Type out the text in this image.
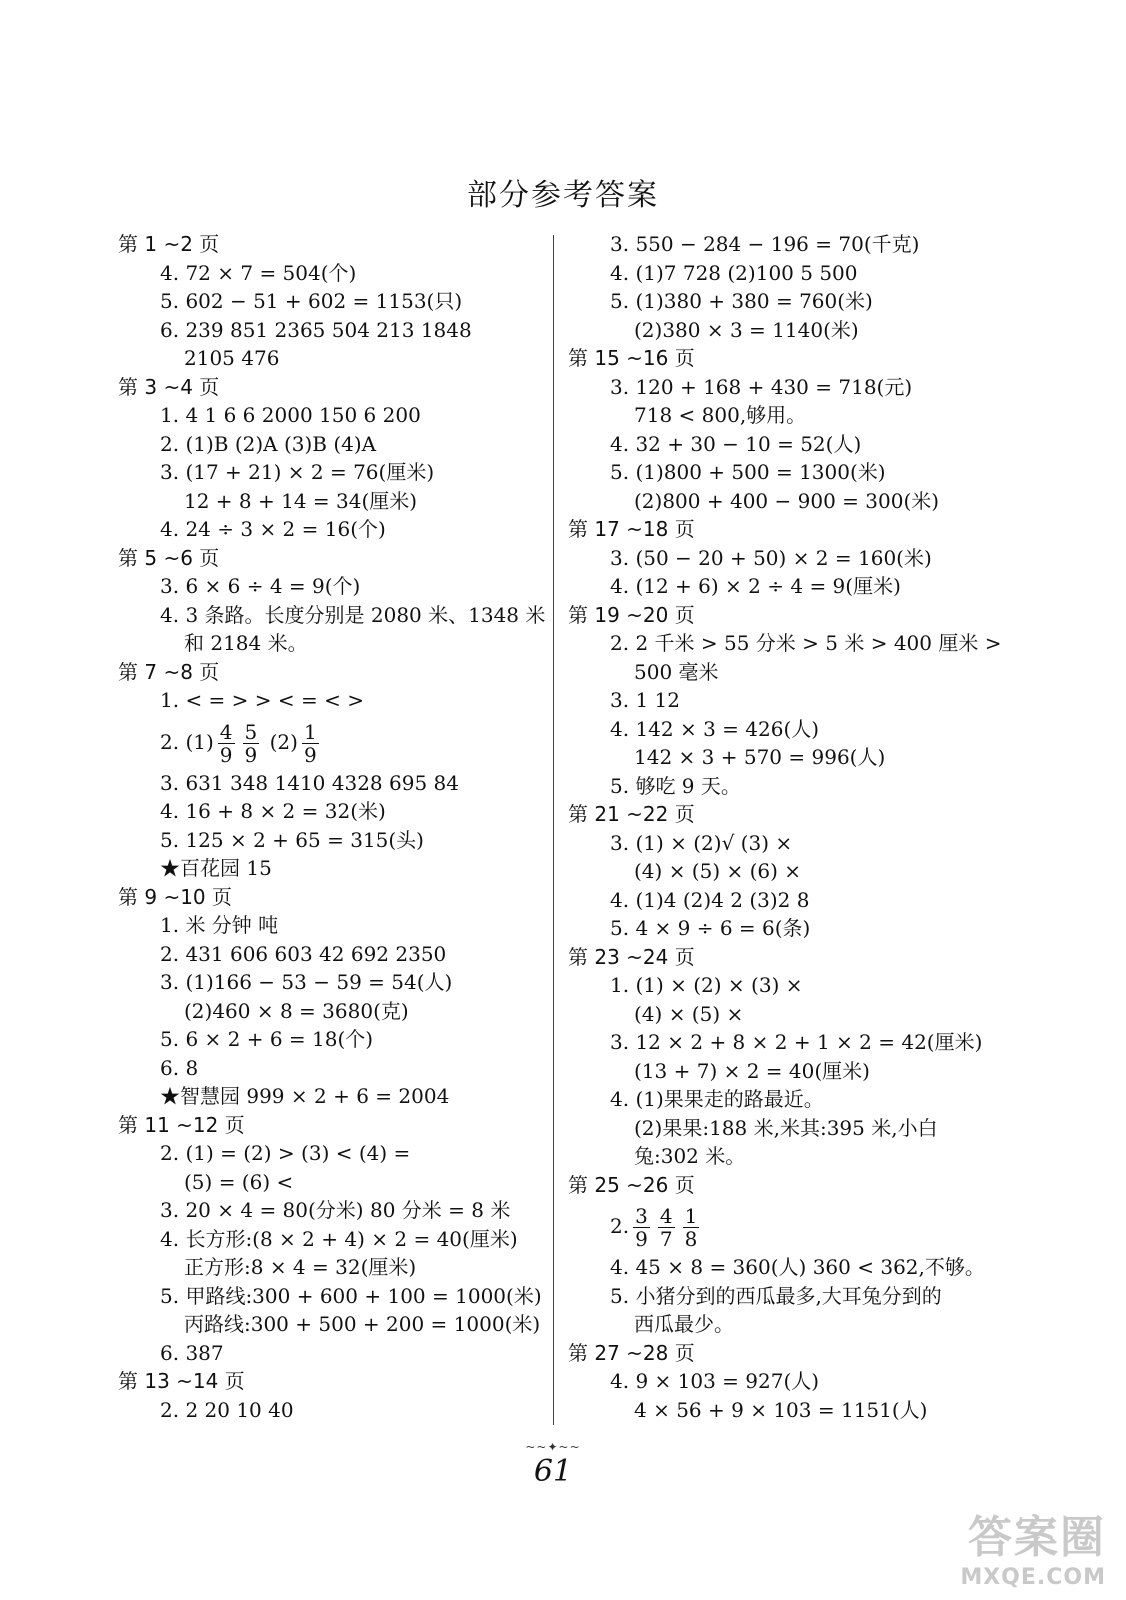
部分参考答案
第 1 ~2 页
4. 72 × 7 = 504(个)
5. 602 − 51 + 602 = 1153(只)
6. 239 851 2365 504 213 1848
2105 476
第 3 ~4 页
1. 4 1 6 6 2000 150 6 200
2. (1)B (2)A (3)B (4)A
3. (17 + 21) × 2 = 76(厘米)
12 + 8 + 14 = 34(厘米)
4. 24 ÷ 3 × 2 = 16(个)
第 5 ~6 页
3. 6 × 6 ÷ 4 = 9(个)
4. 3 条路。长度分别是 2080 米、1348 米
和 2184 米。
第 7 ~8 页
1. < = > > < = < >
2. $(1) \frac{4}{9} \frac{5}{9} (2) \frac{1}{9}$
3. 631 348 1410 4328 695 84
4. 16 + 8 × 2 = 32(米)
5. 125 × 2 + 65 = 315(头)
★百花园 15
第 9 ~10 页
1. 米 分钟 吨
2. 431 606 603 42 692 2350
3. (1)166 − 53 − 59 = 54(人)
(2)460 × 8 = 3680(克)
5. 6 × 2 + 6 = 18(个)
6. 8
★智慧园 999 × 2 + 6 = 2004
第 11 ~12 页
2. (1) = (2) > (3) < (4) =
(5) = (6) <
3. 20 × 4 = 80(分米) 80 分米 = 8 米
4. 长方形:(8 × 2 + 4) × 2 = 40(厘米)
正方形:8 × 4 = 32(厘米)
5. 甲路线:300 + 600 + 100 = 1000(米)
丙路线:300 + 500 + 200 = 1000(米)
6. 387
第 13 ~14 页
2. 2 20 10 40
3. 550 − 284 − 196 = 70(千克)
4. (1)7 728 (2)100 5 500
5. (1)380 + 380 = 760(米)
(2)380 × 3 = 1140(米)
第 15 ~16 页
3. 120 + 168 + 430 = 718(元)
718 < 800,够用。
4. 32 + 30 − 10 = 52(人)
5. (1)800 + 500 = 1300(米)
(2)800 + 400 − 900 = 300(米)
第 17 ~18 页
3. (50 − 20 + 50) × 2 = 160(米)
4. (12 + 6) × 2 ÷ 4 = 9(厘米)
第 19 ~20 页
2. 2 千米 > 55 分米 > 5 米 > 400 厘米 >
500 毫米
3. 1 12
4. 142 × 3 = 426(人)
142 × 3 + 570 = 996(人)
5. 够吃 9 天。
第 21 ~22 页
3. (1) × (2)√ (3) ×
(4) × (5) × (6) ×
4. (1)4 (2)4 2 (3)2 8
5. 4 × 9 ÷ 6 = 6(条)
第 23 ~24 页
1. (1) × (2) × (3) ×
(4) × (5) ×
3. 12 × 2 + 8 × 2 + 1 × 2 = 42(厘米)
(13 + 7) × 2 = 40(厘米)
4. (1)果果走的路最近。
(2)果果:188 米,米其:395 米,小白
兔:302 米。
第 25 ~26 页
2. $\frac{3}{9} \frac{4}{7} \frac{1}{8}$
4. 45 × 8 = 360(人) 360 < 362,不够。
5. 小猪分到的西瓜最多,大耳兔分到的
西瓜最少。
第 27 ~28 页
4. 9 × 103 = 927(人)
4 × 56 + 9 × 103 = 1151(人)
~~✦~~
61
答案圈
MXQE.COM
